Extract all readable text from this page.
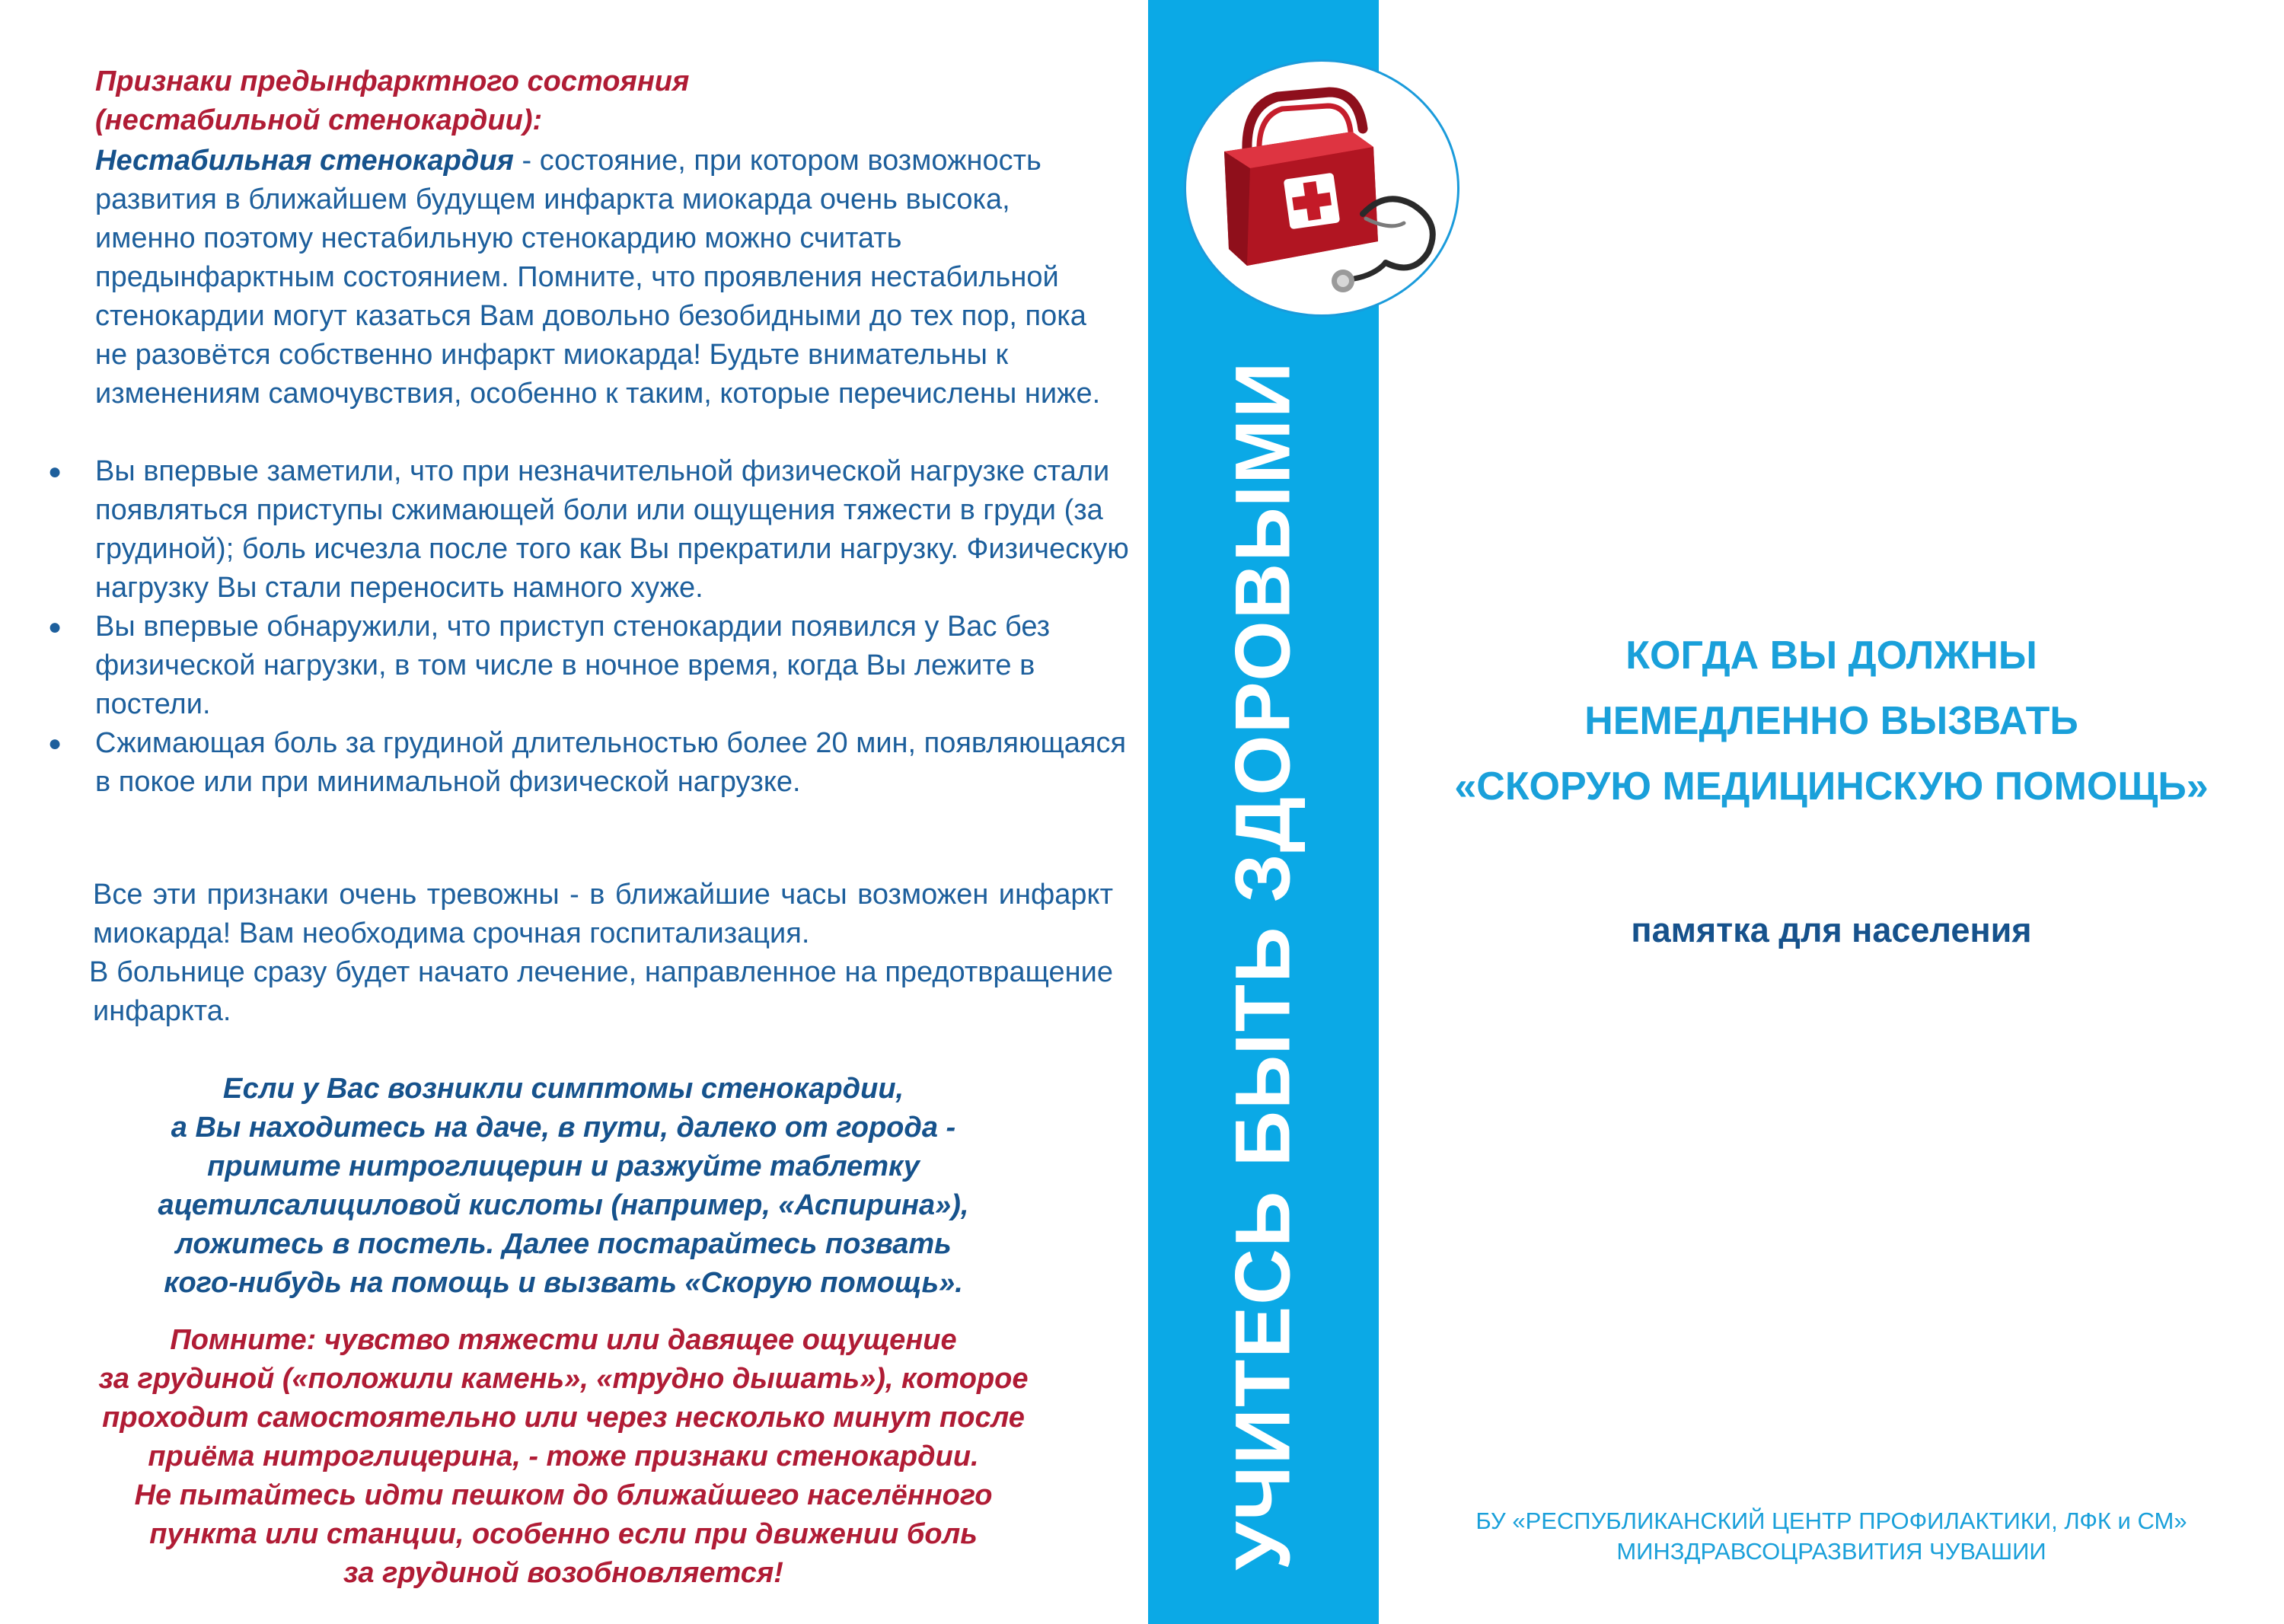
Признаки предынфарктного состояния
(нестабильной стенокардии):
Нестабильная стенокардия - состояние, при котором возможность развития в ближайшем будущем инфаркта миокарда очень высока, именно поэтому нестабильную стенокардию можно считать предынфарктным состоянием. Помните, что проявления нестабильной стенокардии могут казаться Вам довольно безобидными до тех пор, пока не разовётся собственно инфаркт миокарда! Будьте внимательны к изменениям самочувствия, особенно к таким, которые перечислены ниже.
● Вы впервые заметили, что при незначительной физической нагрузке стали появляться приступы сжимающей боли или ощущения тяжести в груди (за грудиной); боль исчезла после того как Вы прекратили нагрузку. Физическую нагрузку Вы стали переносить намного хуже.
● Вы впервые обнаружили, что приступ стенокардии появился у Вас без физической нагрузки, в том числе в ночное время, когда Вы лежите в постели.
● Сжимающая боль за грудиной длительностью более 20 мин, появляющаяся в покое или при минимальной физической нагрузке.

Все эти признаки очень тревожны - в ближайшие часы возможен инфаркт миокарда! Вам необходима срочная госпитализация.

В больнице сразу будет начато лечение, направленное на предотвращение инфаркта.

Если у Вас возникли симптомы стенокардии,
а Вы находитесь на даче, в пути, далеко от города -
примите нитроглицерин и разжуйте таблетку
ацетилсалициловой кислоты (например, «Аспирина»),
ложитесь в постель. Далее постарайтесь позвать
кого-нибудь на помощь и вызвать «Скорую помощь».
Помните: чувство тяжести или давящее ощущение
за грудиной («положили камень», «трудно дышать»), которое
проходит самостоятельно или через несколько минут после
приёма нитроглицерина, - тоже признаки стенокардии.
Не пытайтесь идти пешком до ближайшего населённого
пункта или станции, особенно если при движении боль
за грудиной возобновляется!
УЧИТЕСЬ БЫТЬ ЗДОРОВЫМИ	КОГДА ВЫ ДОЛЖНЫ
НЕМЕДЛЕННО ВЫЗВАТЬ
«СКОРУЮ МЕДИЦИНСКУЮ ПОМОЩЬ»
памятка для населения
БУ «РЕСПУБЛИКАНСКИЙ ЦЕНТР ПРОФИЛАКТИКИ, ЛФК и СМ»
МИНЗДРАВСОЦРАЗВИТИЯ ЧУВАШИИ
